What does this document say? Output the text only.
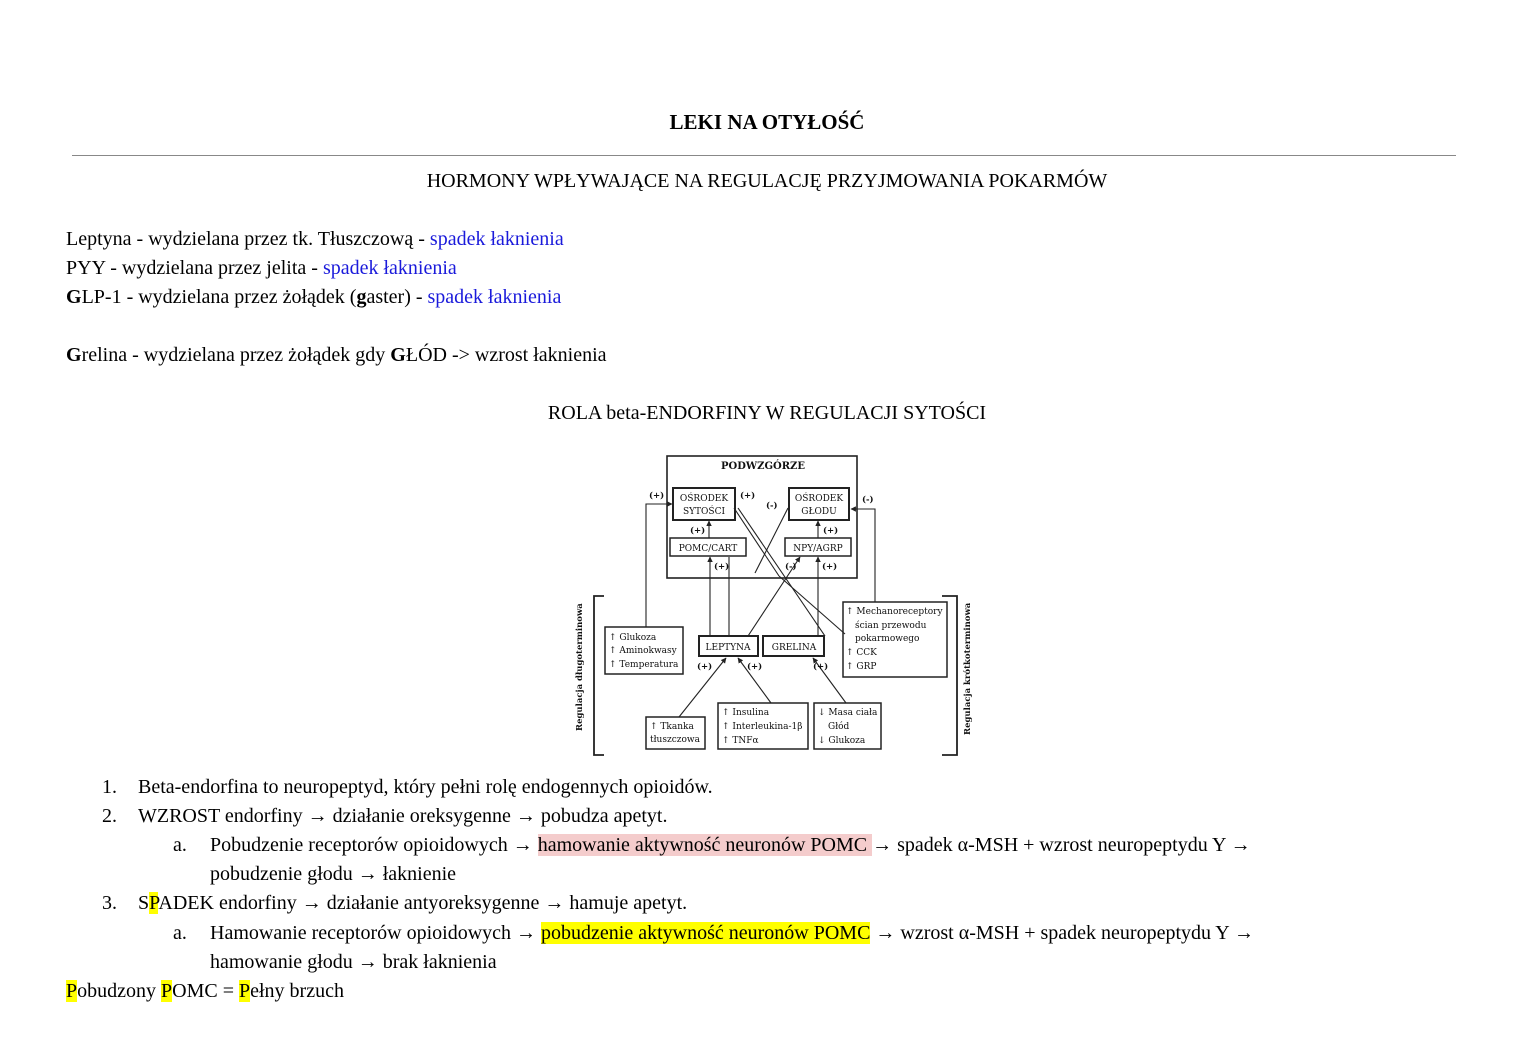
LEKI NA OTYŁOŚĆ
HORMONY WPŁYWAJĄCE NA REGULACJĘ PRZYJMOWANIA POKARMÓW
Leptyna - wydzielana przez tk. Tłuszczową - spadek łaknienia
PYY - wydzielana przez jelita - spadek łaknienia
GLP-1 - wydzielana przez żołądek (gaster) - spadek łaknienia
Grelina - wydzielana przez żołądek gdy GŁÓD -> wzrost łaknienia
ROLA beta-ENDORFINY W REGULACJI SYTOŚCI
PODWZGÓRZE
OŚRODEK
SYTOŚCI
OŚRODEK
GŁODU
POMC/CART	NPY/AGRP
LEPTYNA GRELINA
↑ Glukoza
↑ Aminokwasy
↑ Temperatura
↑ Mechanoreceptory
ścian przewodu
pokarmowego
↑ CCK
↑ GRP
↑ Tkanka
tłuszczowa
↑ Insulina
↑ Interleukina-1β
↑ TNFα
↓ Masa ciała
Głód
↓ Glukoza
(+)	(+)
(-)
(-)
(+)	(+)
(+)	(-)	(+)
(+)	(+)	(+)
Regulacja długoterminowa	Regulacja krótkoterminowa
1. Beta-endorfina to neuropeptyd, który pełni rolę endogennych opioidów.
2. WZROST endorfiny → działanie oreksygenne → pobudza apetyt.
a. Pobudzenie receptorów opioidowych → hamowanie aktywność neuronów POMC → spadek α-MSH + wzrost neuropeptydu Y →
pobudzenie głodu → łaknienie
3. SPADEK endorfiny → działanie antyoreksygenne → hamuje apetyt.
a. Hamowanie receptorów opioidowych → pobudzenie aktywność neuronów POMC → wzrost α-MSH + spadek neuropeptydu Y →
hamowanie głodu → brak łaknienia
Pobudzony POMC = Pełny brzuch
